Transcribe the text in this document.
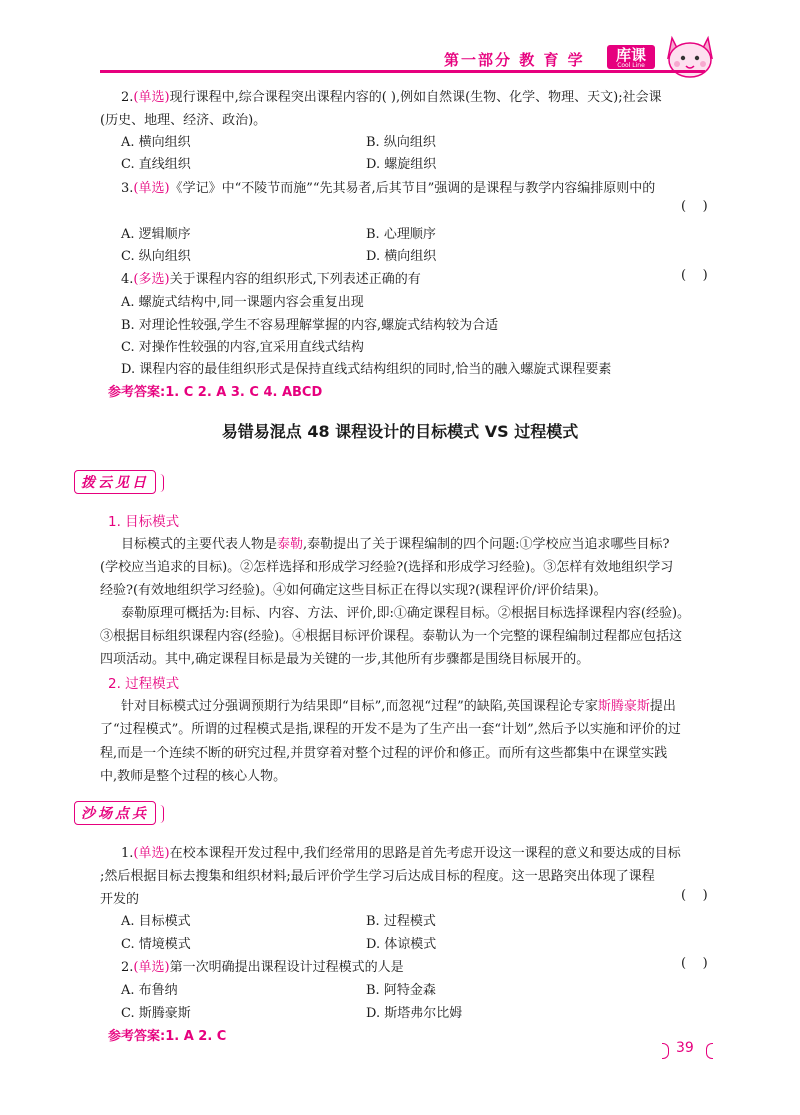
第一部分 教 育 学	库课
Cool Line
2.(单选)现行课程中,综合课程突出课程内容的( ),例如自然课(生物、化学、物理、天文);社会课
(历史、地理、经济、政治)。
A. 横向组织	B. 纵向组织
C. 直线组织	D. 螺旋组织
3.(单选)《学记》中“不陵节而施”“先其易者,后其节目”强调的是课程与教学内容编排原则中的
(    )
A. 逻辑顺序	B. 心理顺序
C. 纵向组织	D. 横向组织
4.(多选)关于课程内容的组织形式,下列表述正确的有	(    )
A. 螺旋式结构中,同一课题内容会重复出现
B. 对理论性较强,学生不容易理解掌握的内容,螺旋式结构较为合适
C. 对操作性较强的内容,宜采用直线式结构
D. 课程内容的最佳组织形式是保持直线式结构组织的同时,恰当的融入螺旋式课程要素
参考答案:1. C 2. A 3. C 4. ABCD
易错易混点 48 课程设计的目标模式 VS 过程模式
拨云见日
1. 目标模式
目标模式的主要代表人物是泰勒,泰勒提出了关于课程编制的四个问题:①学校应当追求哪些目标?
(学校应当追求的目标)。②怎样选择和形成学习经验?(选择和形成学习经验)。③怎样有效地组织学习
经验?(有效地组织学习经验)。④如何确定这些目标正在得以实现?(课程评价/评价结果)。
泰勒原理可概括为:目标、内容、方法、评价,即:①确定课程目标。②根据目标选择课程内容(经验)。
③根据目标组织课程内容(经验)。④根据目标评价课程。泰勒认为一个完整的课程编制过程都应包括这
四项活动。其中,确定课程目标是最为关键的一步,其他所有步骤都是围绕目标展开的。
2. 过程模式
针对目标模式过分强调预期行为结果即“目标”,而忽视“过程”的缺陷,英国课程论专家斯腾豪斯提出
了“过程模式”。所谓的过程模式是指,课程的开发不是为了生产出一套“计划”,然后予以实施和评价的过
程,而是一个连续不断的研究过程,并贯穿着对整个过程的评价和修正。而所有这些都集中在课堂实践
中,教师是整个过程的核心人物。
沙场点兵
1.(单选)在校本课程开发过程中,我们经常用的思路是首先考虑开设这一课程的意义和要达成的目标
;然后根据目标去搜集和组织材料;最后评价学生学习后达成目标的程度。这一思路突出体现了课程
开发的	(    )
A. 目标模式	B. 过程模式
C. 情境模式	D. 体谅模式
2.(单选)第一次明确提出课程设计过程模式的人是	(    )
A. 布鲁纳	B. 阿特金森
C. 斯腾豪斯	D. 斯塔弗尔比姆
参考答案:1. A 2. C
39
